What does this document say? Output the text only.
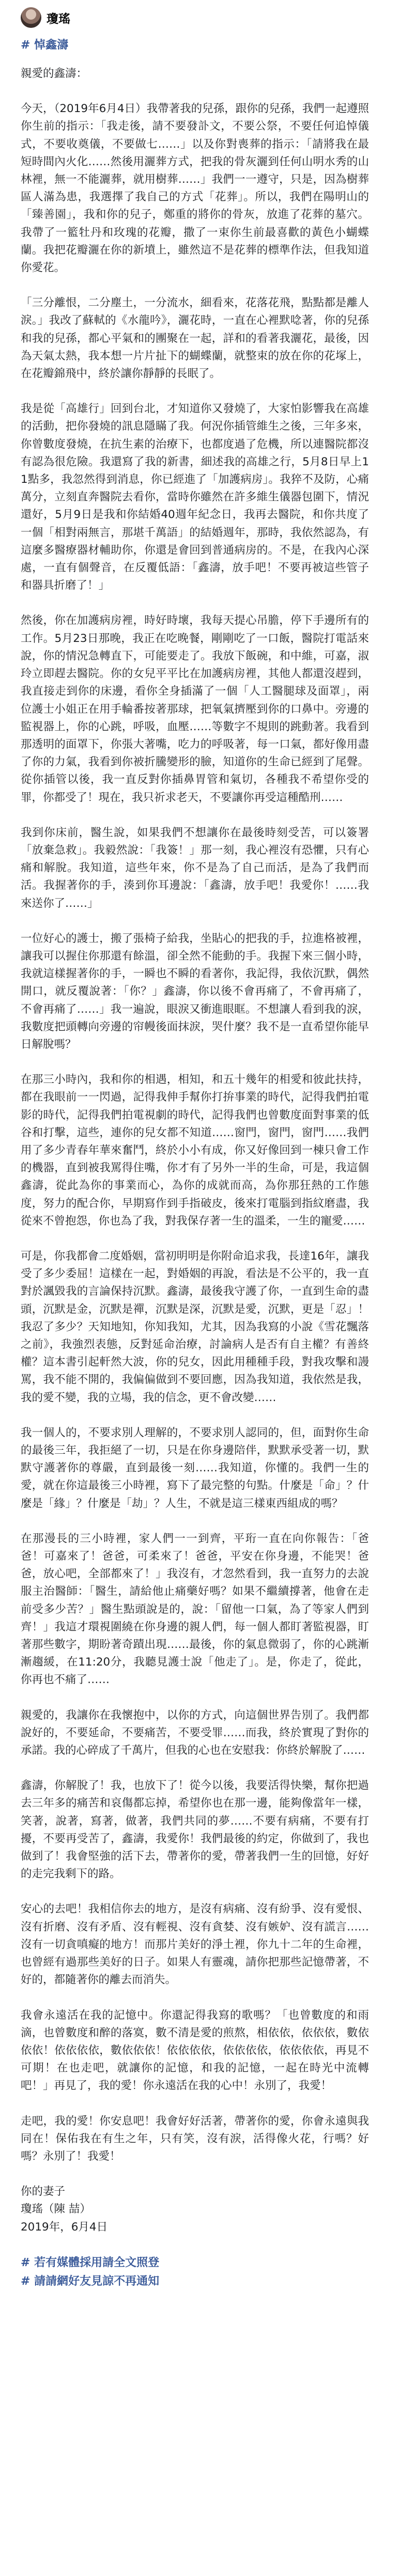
瓊瑤
# 悼鑫濤
親愛的鑫濤：

今天，（2019年6月4日）我帶著我的兒孫，跟你的兒孫，我們一起遵照你生前的指示：「我走後，請不要發訃文，不要公祭，不要任何追悼儀式，不要收奠儀，不要做七……」以及你對喪葬的指示：「請將我在最短時間內火化……然後用灑葬方式，把我的骨灰灑到任何山明水秀的山林裡，無一不能灑葬，就用樹葬……」我們一一遵守，只是，因為樹葬區人滿為患，我選擇了我自己的方式「花葬」。所以，我們在陽明山的「臻善園」，我和你的兒子，鄭重的將你的骨灰，放進了花葬的墓穴。我帶了一籃牡丹和玫瑰的花瓣，撒了一束你生前最喜歡的黃色小蝴蝶蘭。我把花瓣灑在你的新墳上，雖然這不是花葬的標準作法，但我知道你愛花。

「三分離恨，二分塵土，一分流水，細看來，花落花飛，點點都是離人淚。」我改了蘇軾的《水龍吟》，灑花時，一直在心裡默唸著，你的兒孫和我的兒孫，都心平氣和的團聚在一起，詳和的看著我灑花，最後，因為天氣太熱，我本想一片片扯下的蝴蝶蘭，就整束的放在你的花塚上，在花瓣錦飛中，終於讓你靜靜的長眠了。

我是從「高雄行」回到台北，才知道你又發燒了，大家怕影響我在高雄的活動，把你發燒的訊息隱瞞了我。何況你插管維生之後，三年多來，你曾數度發燒，在抗生素的治療下，也都度過了危機，所以連醫院都沒有認為很危險。我還寫了我的新書，細述我的高雄之行，5月8日早上11點多，我忽然得到消息，你已經進了「加護病房」。我猝不及防，心痛萬分，立刻直奔醫院去看你，當時你雖然在許多維生儀器包圍下，情況還好，5月9日是我和你結婚40週年紀念日，我再去醫院，和你共度了一個「相對兩無言，那堪千萬語」的結婚週年，那時，我依然認為，有這麼多醫療器材輔助你，你還是會回到普通病房的。不是，在我內心深處，一直有個聲音，在反覆低語：「鑫濤，放手吧！不要再被這些管子和器具折磨了！」

然後，你在加護病房裡，時好時壞，我每天提心吊膽，停下手邊所有的工作。5月23日那晚，我正在吃晚餐，剛剛吃了一口飯，醫院打電話來說，你的情況急轉直下，可能要走了。我放下飯碗，和中維，可嘉，淑玲立即趕去醫院。你的女兒平平比在加護病房裡，其他人都還沒趕到，我直接走到你的床邊，看你全身插滿了一個「人工醫腿球及面罩」，兩位護士小姐正在用手輪番按著那球，把氧氣擠壓到你的口鼻中。旁邊的監視器上，你的心跳，呼吸，血壓……等數字不規則的跳動著。我看到那透明的面罩下，你張大著嘴，吃力的呼吸著，每一口氣，都好像用盡了你的力氣，我看到你被折騰變形的臉，知道你的生命已經到了尾聲。從你插管以後，我一直反對你插鼻胃管和氣切，各種我不希望你受的罪，你都受了！現在，我只祈求老天，不要讓你再受這種酷刑……

我到你床前，醫生說，如果我們不想讓你在最後時刻受苦，可以簽署「放棄急救」。我毅然說：「我簽！」那一刻，我心裡沒有恐懼，只有心痛和解脫。我知道，這些年來，你不是為了自己而活，是為了我們而活。我握著你的手，湊到你耳邊說：「鑫濤，放手吧！我愛你！……我來送你了……」

一位好心的護士，搬了張椅子給我，坐貼心的把我的手，拉進格被裡，讓我可以握住你那還有餘溫，卻全然不能動的手。我握下來三個小時，我就這樣握著你的手，一瞬也不瞬的看著你，我記得，我依沉默，偶然開口，就反覆說著：「你？」鑫濤，你以後不會再痛了，不會再痛了，不會再痛了……」我一遍說，眼淚又衝進眼眶。不想讓人看到我的淚，我數度把頭轉向旁邊的帘幔後面抹淚，哭什麼？我不是一直希望你能早日解脫嗎？

在那三小時內，我和你的相遇，相知，和五十幾年的相愛和彼此扶持，都在我眼前一一閃過，記得我伸手幫你打拚事業的時代，記得我們拍電影的時代，記得我們拍電視劇的時代，記得我們也曾數度面對事業的低谷和打擊，這些，連你的兒女都不知道……窗門，窗門，窗門……我們用了多少青春年華來奮鬥，終於小小有成，你又好像回到一棟只會工作的機器，直到被我罵得住嘴，你才有了另外一半的生命，可是，我這個鑫濤，從此為你的事業而心，為你的成就而高，為你那狂熱的工作態度，努力的配合你，早期寫作到手指破皮，後來打電腦到指紋磨盡，我從來不曾抱怨，你也為了我，對我保存著一生的溫柔，一生的寵愛……

可是，你我都會二度婚姻，當初明明是你附命追求我，長達16年，讓我受了多少委屈！這樣在一起，對婚姻的再說，看法是不公平的，我一直對於諷毀我的言論保持沉默。鑫濤，最後我守護了你，一直到生命的盡頭，沉默是金，沉默是禪，沉默是深，沉默是愛，沉默，更是「忍」！我忍了多少？天知地知，你知我知，尤其，因為我寫的小說《雪花飄落之前》，我強烈表態，反對延命治療，討論病人是否有自主權？有善終權？這本書引起軒然大波，你的兒女，因此用種種手段，對我攻擊和謾罵，我不能不開的，我偏偏做到不要回應，因為我知道，我依然是我，我的愛不變，我的立場，我的信念，更不會改變……

我一個人的，不要求別人理解的，不要求別人認同的，但，面對你生命的最後三年，我拒絕了一切，只是在你身邊陪伴，默默承受著一切，默默守護著你的尊嚴，直到最後一刻……我知道，你懂的。我們一生的愛，就在你這最後三小時裡，寫下了最完整的句點。什麼是「命」？什麼是「緣」？什麼是「劫」？人生，不就是這三樣東西組成的嗎？

在那漫長的三小時裡，家人們一一到齊，平珩一直在向你報告：「爸爸！可嘉來了！爸爸，可柔來了！爸爸，平安在你身邊，不能哭！爸爸，放心吧，全部都來了！」我沒有，才忽然看到，我一直努力的去說服主治醫師：「醫生，請給他止痛藥好嗎？如果不繼續撐著，他會在走前受多少苦？」醫生點頭說是的，說：「留他一口氣，為了等家人們到齊！」我這才環視圍繞在你身邊的親人們，每一個人都盯著監視器，盯著那些數字，期盼著奇蹟出現……最後，你的氣息微弱了，你的心跳漸漸趨緩，在11:20分，我聽見護士說「他走了」。是，你走了，從此，你再也不痛了……

親愛的，我讓你在我懷抱中，以你的方式，向這個世界告別了。我們都說好的，不要延命，不要痛苦，不要受罪……而我，終於實現了對你的承諾。我的心碎成了千萬片，但我的心也在安慰我：你終於解脫了……

鑫濤，你解脫了！我，也放下了！從今以後，我要活得快樂，幫你把過去三年多的痛苦和哀傷都忘掉，希望你也在那一邊，能夠像當年一樣，笑著，說著，寫著，做著，我們共同的夢……不要有病痛，不要有打擾，不要再受苦了，鑫濤，我愛你！我們最後的約定，你做到了，我也做到了！我會堅強的活下去，帶著你的愛，帶著我們一生的回憶，好好的走完我剩下的路。

安心的去吧！我相信你去的地方，是沒有病痛、沒有紛爭、沒有愛恨、沒有折磨、沒有矛盾、沒有輕視、沒有貪婪、沒有嫉妒、沒有謊言……沒有一切貪嗔癡的地方！而那片美好的淨土裡，你九十二年的生命裡，也曾經有過那些美好的日子。如果人有靈魂，請你把那些記憶帶著，不好的，都隨著你的離去而消失。

我會永遠活在我的記憶中。你還記得我寫的歌嗎？「也曾數度的和雨滴，也曾數度和醉的落寞，數不清是愛的煎熬，相依依，依依依，數依依依！依依依依，數依依依！依依依依，依依依依，依依依依，再見不可期！在也走吧，就讓你的記憶，和我的記憶，一起在時光中流轉吧！」再見了，我的愛！你永遠活在我的心中！永別了，我愛！

走吧，我的愛！你安息吧！我會好好活著，帶著你的愛，你會永遠與我同在！保佑我在有生之年，只有笑，沒有淚，活得像火花，行嗎？好嗎？永別了！我愛！

你的妻子
瓊瑤（陳 喆）
2019年，6月4日
# 若有媒體採用請全文照登
# 請請網好友見諒不再通知
